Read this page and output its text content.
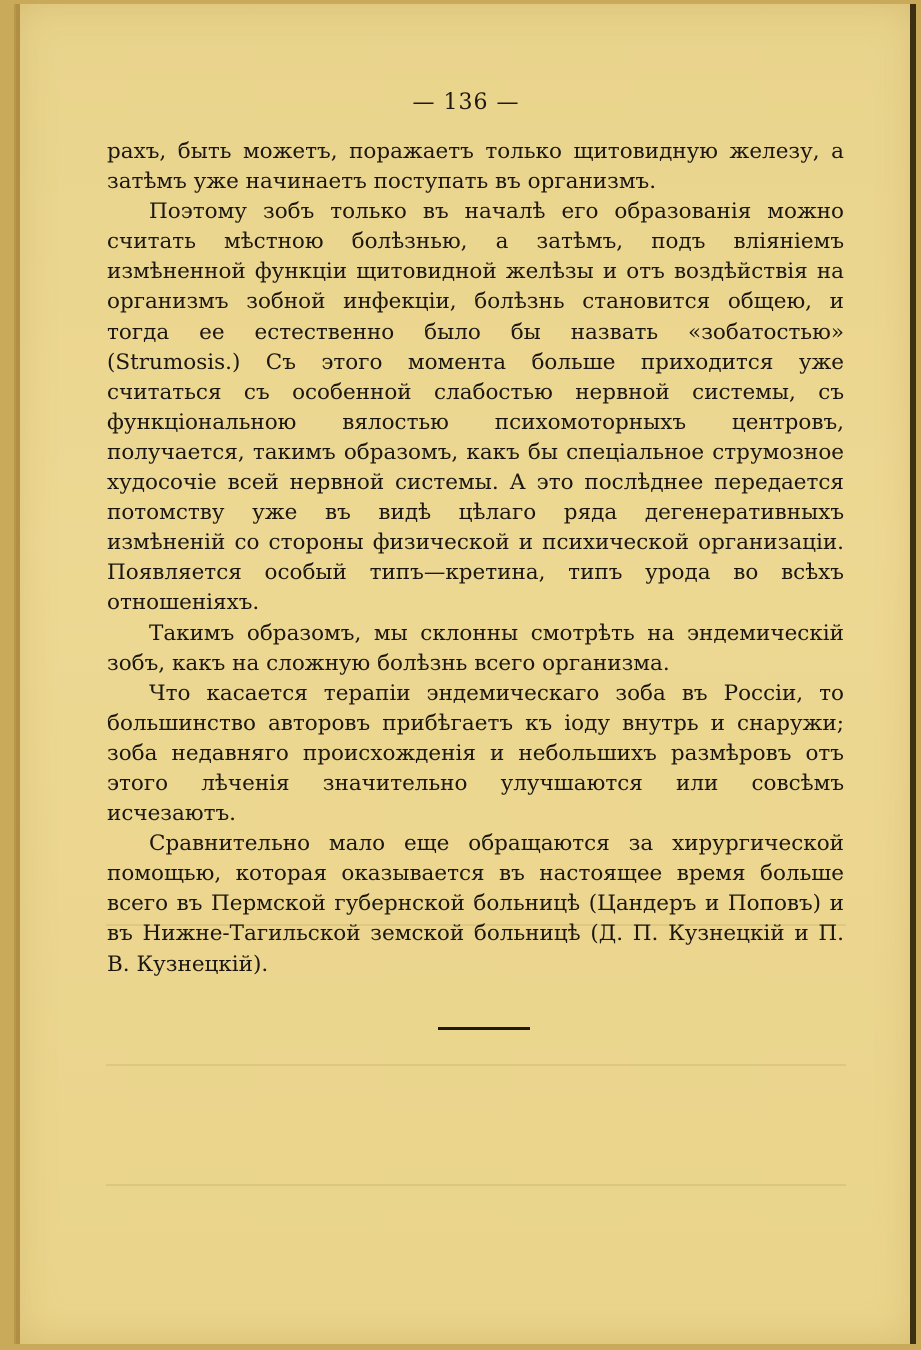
— 136 —

рахъ, быть можетъ, поражаетъ только щитовидную железу, а затѣмъ уже начинаетъ поступать въ организмъ.

Поэтому зобъ только въ началѣ его образованія можно считать мѣстною болѣзнью, а затѣмъ, подъ вліяніемъ измѣненной функціи щитовидной желѣзы и отъ воздѣйствія на организмъ зобной инфекціи, болѣзнь становится общею, и тогда ее естественно было бы назвать «зобатостью» (Strumosis.) Съ этого момента больше приходится уже считаться съ особенной слабостью нервной системы, съ функціональною вялостью психомоторныхъ центровъ, получается, такимъ образомъ, какъ бы спеціальное струмозное худосочіе всей нервной системы. А это послѣднее передается потомству уже въ видѣ цѣлаго ряда дегенеративныхъ измѣненій со стороны физической и психической организаціи. Появляется особый типъ—кретина, типъ урода во всѣхъ отношеніяхъ.

Такимъ образомъ, мы склонны смотрѣть на эндемическій зобъ, какъ на сложную болѣзнь всего организма.

Что касается терапіи эндемическаго зоба въ Россіи, то большинство авторовъ прибѣгаетъ къ іоду внутрь и снаружи; зоба недавняго происхожденія и небольшихъ размѣровъ отъ этого лѣченія значительно улучшаются или совсѣмъ исчезаютъ.

Сравнительно мало еще обращаются за хирургической помощью, которая оказывается въ настоящее время больше всего въ Пермской губернской больницѣ (Цандеръ и Поповъ) и въ Нижне-Тагильской земской больницѣ (Д. П. Кузнецкій и П. В. Кузнецкій).
